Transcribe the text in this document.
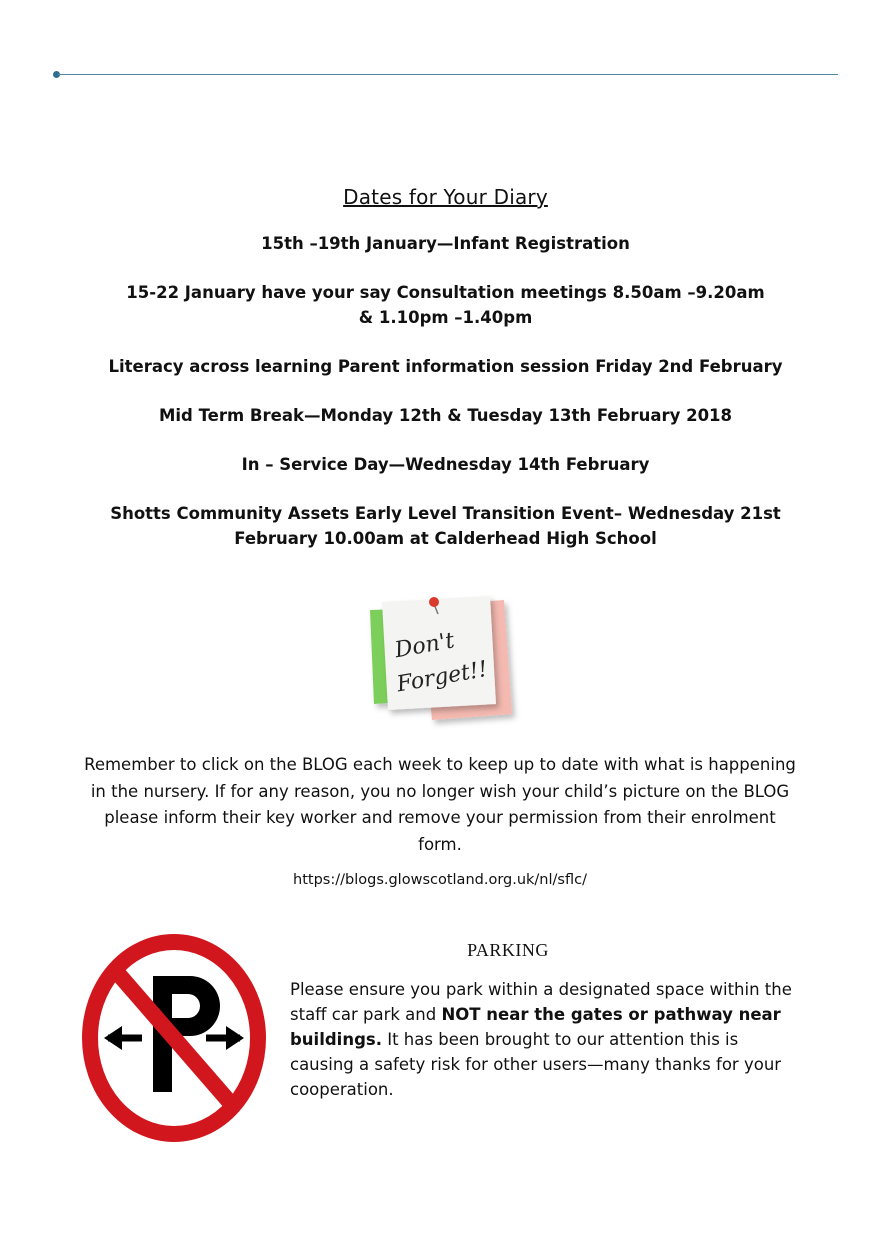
Dates for Your Diary
15th –19th January—Infant Registration
15-22 January have your say Consultation meetings 8.50am –9.20am
& 1.10pm –1.40pm
Literacy across learning Parent information session Friday 2nd February
Mid Term Break—Monday 12th & Tuesday 13th February 2018
In – Service Day—Wednesday 14th February
Shotts Community Assets Early Level Transition Event– Wednesday 21st
February 10.00am at Calderhead High School
Don't
Forget!!
Remember to click on the BLOG each week to keep up to date with what is happening in the nursery. If for any reason, you no longer wish your child’s picture on the BLOG please inform their key worker and remove your permission from their enrolment form.
https://blogs.glowscotland.org.uk/nl/sflc/
PARKING
Please ensure you park within a designated space within the staff car park and NOT near the gates or pathway near buildings. It has been brought to our attention this is causing a safety risk for other users—many thanks for your cooperation.
